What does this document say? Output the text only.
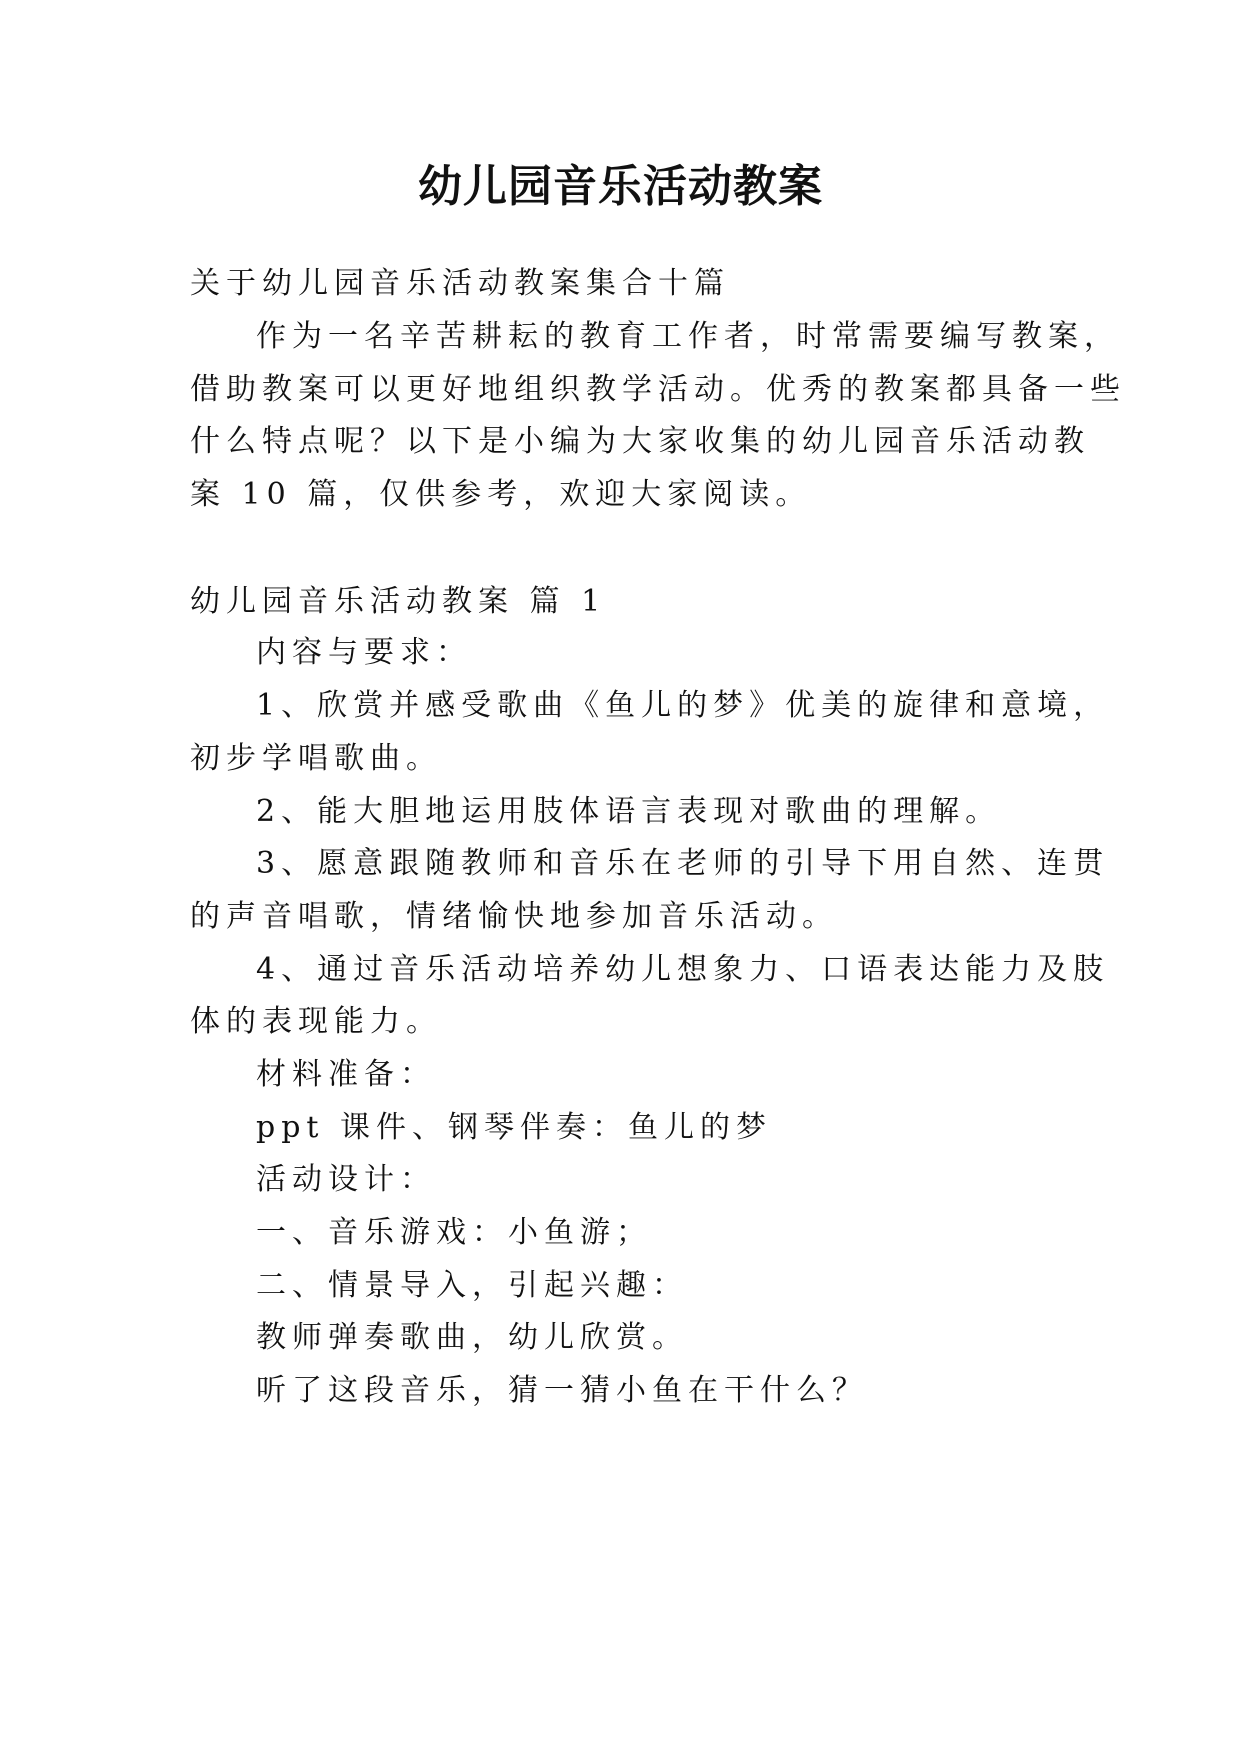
幼儿园音乐活动教案
关于幼儿园音乐活动教案集合十篇
作为一名辛苦耕耘的教育工作者，时常需要编写教案，
借助教案可以更好地组织教学活动。优秀的教案都具备一些
什么特点呢？以下是小编为大家收集的幼儿园音乐活动教
案 10 篇，仅供参考，欢迎大家阅读。
幼儿园音乐活动教案 篇 1
内容与要求：
1、欣赏并感受歌曲《鱼儿的梦》优美的旋律和意境，
初步学唱歌曲。
2、能大胆地运用肢体语言表现对歌曲的理解。
3、愿意跟随教师和音乐在老师的引导下用自然、连贯
的声音唱歌，情绪愉快地参加音乐活动。
4、通过音乐活动培养幼儿想象力、口语表达能力及肢
体的表现能力。
材料准备：
ppt 课件、钢琴伴奏：鱼儿的梦
活动设计：
一、音乐游戏：小鱼游；
二、情景导入，引起兴趣：
教师弹奏歌曲，幼儿欣赏。
听了这段音乐，猜一猜小鱼在干什么？
